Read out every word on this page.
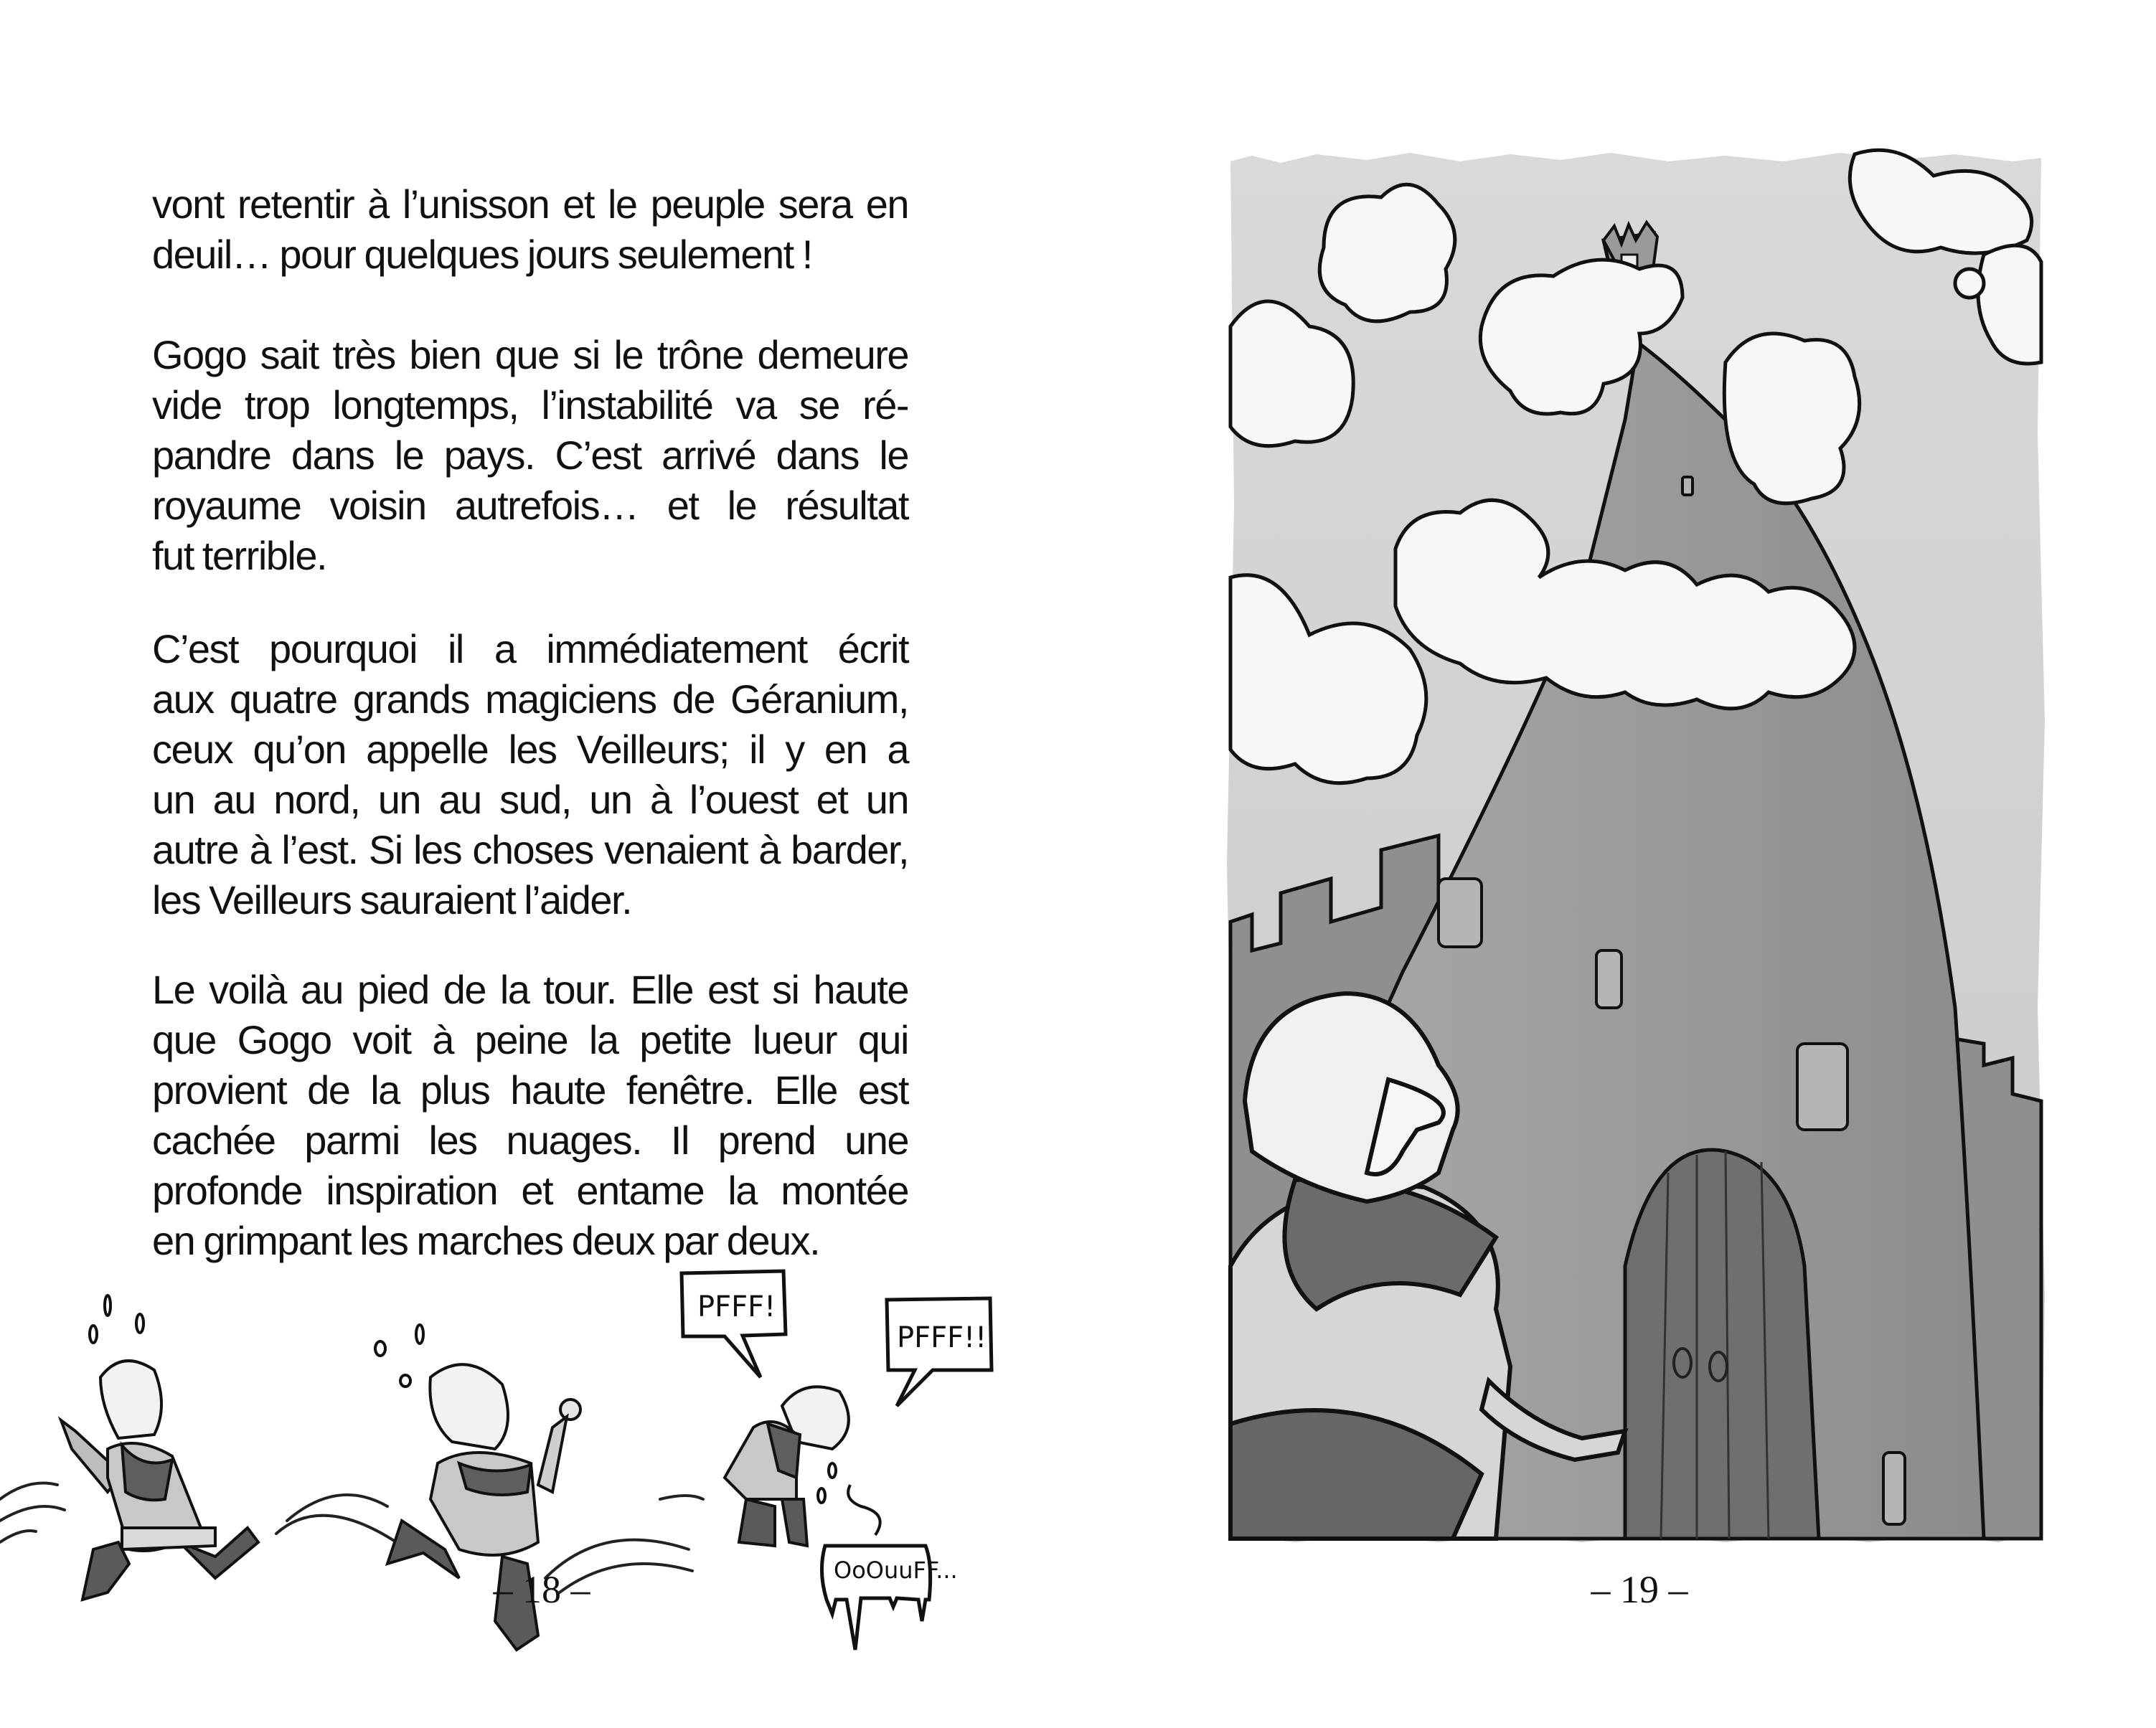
vont retentir à l’unisson et le peuple sera en
deuil… pour quelques jours seulement !
Gogo sait très bien que si le trône demeure
vide trop longtemps, l’instabilité va se ré-
pandre dans le pays. C’est arrivé dans le
royaume voisin autrefois… et le résultat
fut terrible.
C’est pourquoi il a immédiatement écrit
aux quatre grands magiciens de Géranium,
ceux qu’on appelle les Veilleurs; il y en a
un au nord, un au sud, un à l’ouest et un
autre à l’est. Si les choses venaient à barder,
les Veilleurs sauraient l’aider.
Le voilà au pied de la tour. Elle est si haute
que Gogo voit à peine la petite lueur qui
provient de la plus haute fenêtre. Elle est
cachée parmi les nuages. Il prend une
profonde inspiration et entame la montée
en grimpant les marches deux par deux.
PFFF!
PFFF!!
OoOuuFF...
– 18 –	– 19 –
